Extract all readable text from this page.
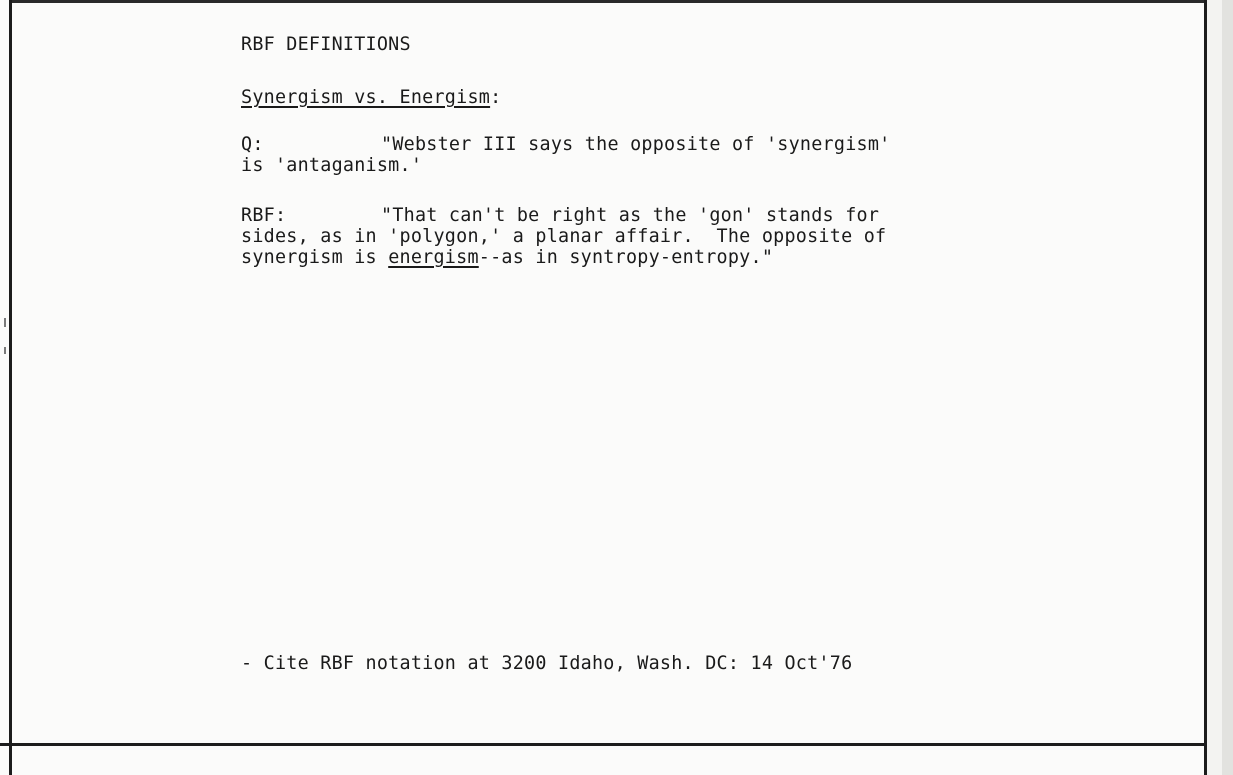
RBF DEFINITIONS
Synergism vs. Energism:
Q:	"Webster III says the opposite of 'synergism'
is 'antaganism.'
RBF:	"That can't be right as the 'gon' stands for
sides, as in 'polygon,' a planar affair.  The opposite of
synergism is energism--as in syntropy-entropy."
- Cite RBF notation at 3200 Idaho, Wash. DC: 14 Oct'76
